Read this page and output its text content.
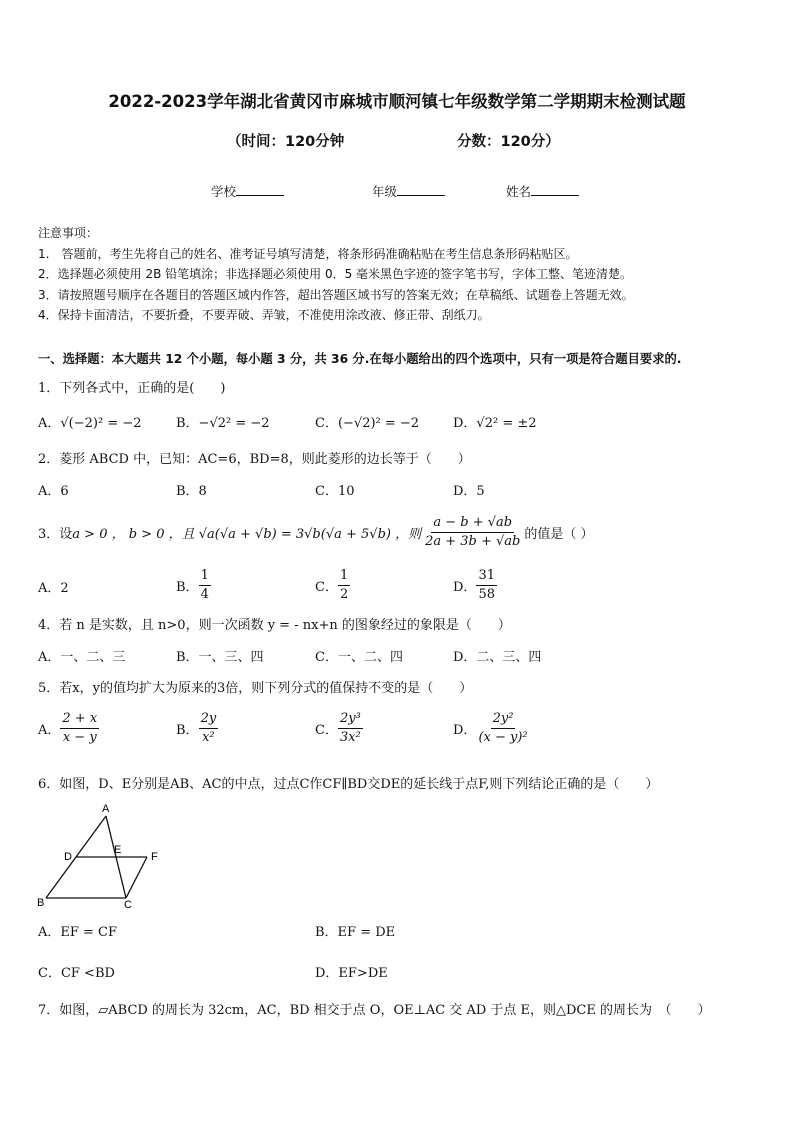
2022-2023学年湖北省黄冈市麻城市顺河镇七年级数学第二学期期末检测试题
（时间：120分钟	分数：120分）
学校	年级	姓名
注意事项：
1.　答题前，考生先将自己的姓名、准考证号填写清楚，将条形码准确粘贴在考生信息条形码粘贴区。
2．选择题必须使用 2B 铅笔填涂；非选择题必须使用 0．5 毫米黑色字迹的签字笔书写，字体工整、笔迹清楚。
3．请按照题号顺序在各题目的答题区域内作答，超出答题区域书写的答案无效；在草稿纸、试题卷上答题无效。
4．保持卡面清洁，不要折叠，不要弄破、弄皱，不准使用涂改液、修正带、刮纸刀。
一、选择题：本大题共 12 个小题，每小题 3 分，共 36 分.在每小题给出的四个选项中，只有一项是符合题目要求的.
1．下列各式中，正确的是(　　)
A．√(−2)² = −2	B．−√2² = −2	C．(−√2)² = −2	D．√2² = ±2
2．菱形 ABCD 中，已知：AC=6，BD=8，则此菱形的边长等于（　　）
A．6	B．8	C．10	D．5
3．设 a > 0 ， b > 0 ，且 √a(√a + √b) = 3√b(√a + 5√b) ，则 $\frac{a - b + √ab}{2a + 3b + √ab}$ 的值是（ ）
A．2	B． $\frac{1}{4}$	C． $\frac{1}{2}$	D． $\frac{31}{58}$
4．若 n 是实数，且 n>0，则一次函数 y = - nx+n 的图象经过的象限是（　　）
A．一、二、三	B．一、三、四	C．一、二、四	D．二、三、四
5．若x，y的值均扩大为原来的3倍，则下列分式的值保持不变的是（　　）
A． $\frac{2 + x}{x - y}$	B． $\frac{2y}{\text{x²}}$	C． $\frac{\text{2y³}}{\text{3x²}}$	D． $\frac{\text{2y²}}{\text{(x − y)²}}$
6．如图，D、E分别是AB、AC的中点，过点C作CF∥BD交DE的延长线于点F,则下列结论正确的是（　　）
A
B	C
D
E
F
A．EF = CF	B．EF = DE
C．CF <BD	D．EF>DE
7．如图，▱ABCD 的周长为 32cm，AC，BD 相交于点 O，OE⊥AC 交 AD 于点 E，则△DCE 的周长为　（　　）
